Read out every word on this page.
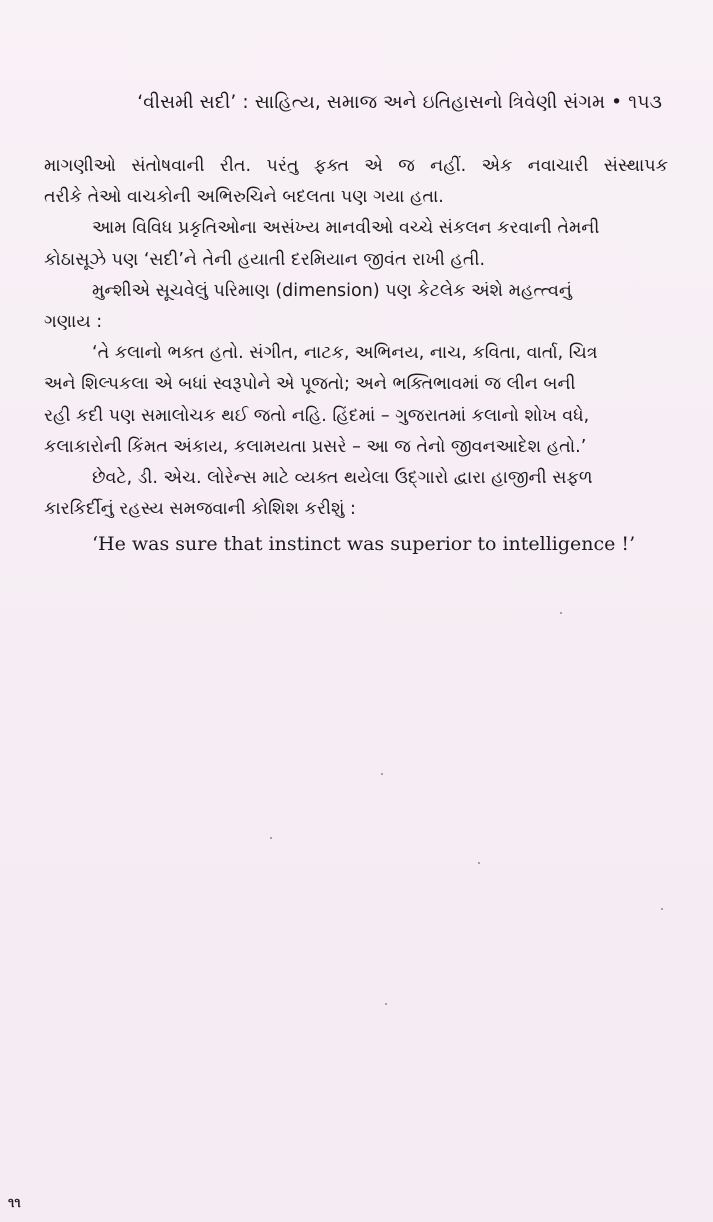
‘વીસમી સદી’ : સાહિત્ય, સમાજ અને ઇતિહાસનો ત્રિવેણી સંગમ • ૧૫૩
માગણીઓ સંતોષવાની રીત. પરંતુ ફક્ત એ જ નહીં. એક નવાચારી સંસ્થાપક
તરીકે તેઓ વાચકોની અભિરુચિને બદલતા પણ ગયા હતા.
આમ વિવિધ પ્રકૃતિઓના અસંખ્ય માનવીઓ વચ્ચે સંકલન કરવાની તેમની
કોઠાસૂઝે પણ ‘સદી’ને તેની હયાતી દરમિયાન જીવંત રાખી હતી.
મુન્શીએ સૂચવેલું પરિમાણ (dimension) પણ કેટલેક અંશે મહત્ત્વનું
ગણાય :
‘તે કલાનો ભક્ત હતો. સંગીત, નાટક, અભિનય, નાચ, કવિતા, વાર્તા, ચિત્ર
અને શિલ્પકલા એ બધાં સ્વરૂપોને એ પૂજતો; અને ભક્તિભાવમાં જ લીન બની
રહી કદી પણ સમાલોચક થઈ જતો નહિ. હિંદમાં – ગુજરાતમાં કલાનો શોખ વધે,
કલાકારોની કિંમત અંકાય, કલામયતા પ્રસરે – આ જ તેનો જીવનઆદેશ હતો.’
છેવટે, ડી. એચ. લોરેન્સ માટે વ્યક્ત થયેલા ઉદ્ગારો દ્વારા હાજીની સફળ
કારકિર્દીનું રહસ્ય સમજવાની કોશિશ કરીશું :
‘He was sure that instinct was superior to intelligence !’
૧૧
